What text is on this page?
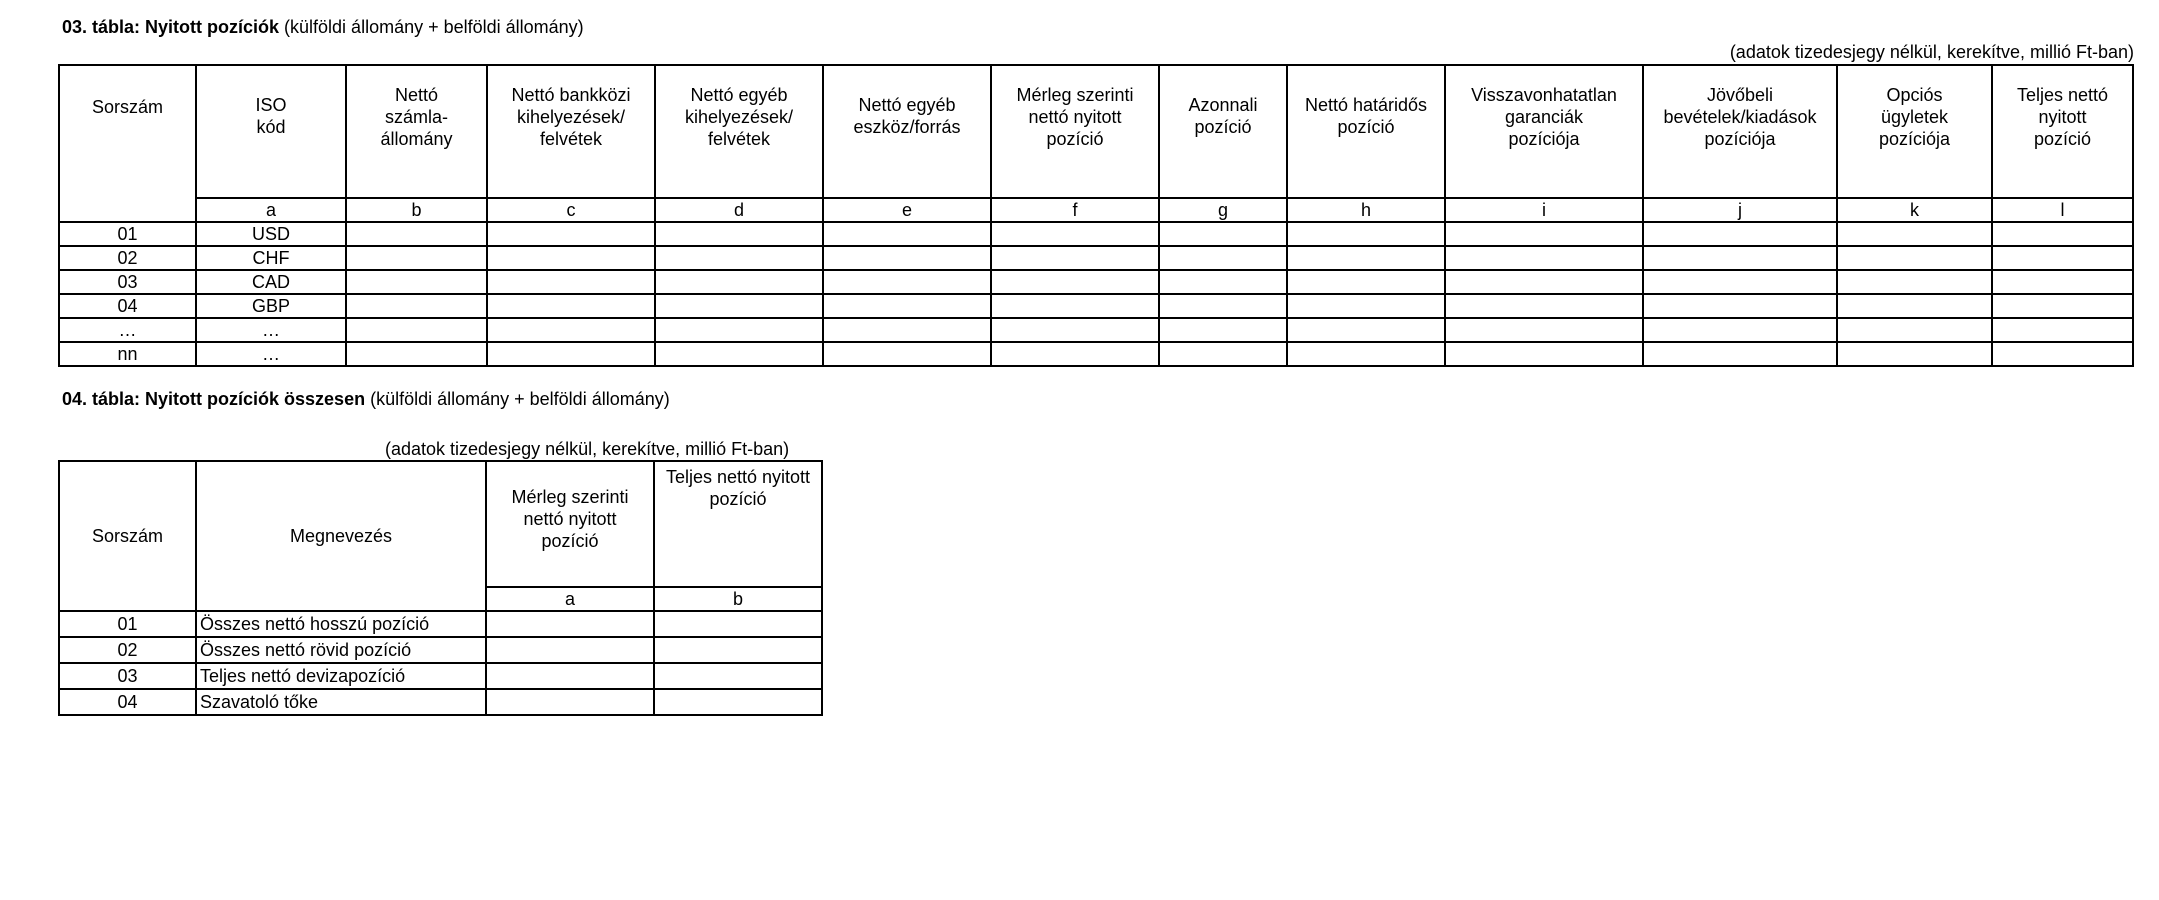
03. tábla: Nyitott pozíciók (külföldi állomány + belföldi állomány)
(adatok tizedesjegy nélkül, kerekítve, millió Ft-ban)
Sorszám	ISO
kód	Nettó
számla-
állomány	Nettó bankközi
kihelyezések/
felvétek	Nettó egyéb
kihelyezések/
felvétek	Nettó egyéb
eszköz/forrás	Mérleg szerinti
nettó nyitott
pozíció	Azonnali
pozíció	Nettó határidős
pozíció	Visszavonhatatlan
garanciák
pozíciója	Jövőbeli
bevételek/kiadások
pozíciója	Opciós
ügyletek
pozíciója	Teljes nettó
nyitott
pozíció

	a	b	c	d	e	f	g	h	i	j	k	l
01	USD											
02	CHF											
03	CAD											
04	GBP											
…	…											
nn	…											
04. tábla: Nyitott pozíciók összesen (külföldi állomány + belföldi állomány)
(adatok tizedesjegy nélkül, kerekítve, millió Ft-ban)
Sorszám	Megnevezés	Mérleg szerinti
nettó nyitott
pozíció	Teljes nettó nyitott
pozíció

		a	b
01	Összes nettó hosszú pozíció		
02	Összes nettó rövid pozíció		
03	Teljes nettó devizapozíció		
04	Szavatoló tőke		
